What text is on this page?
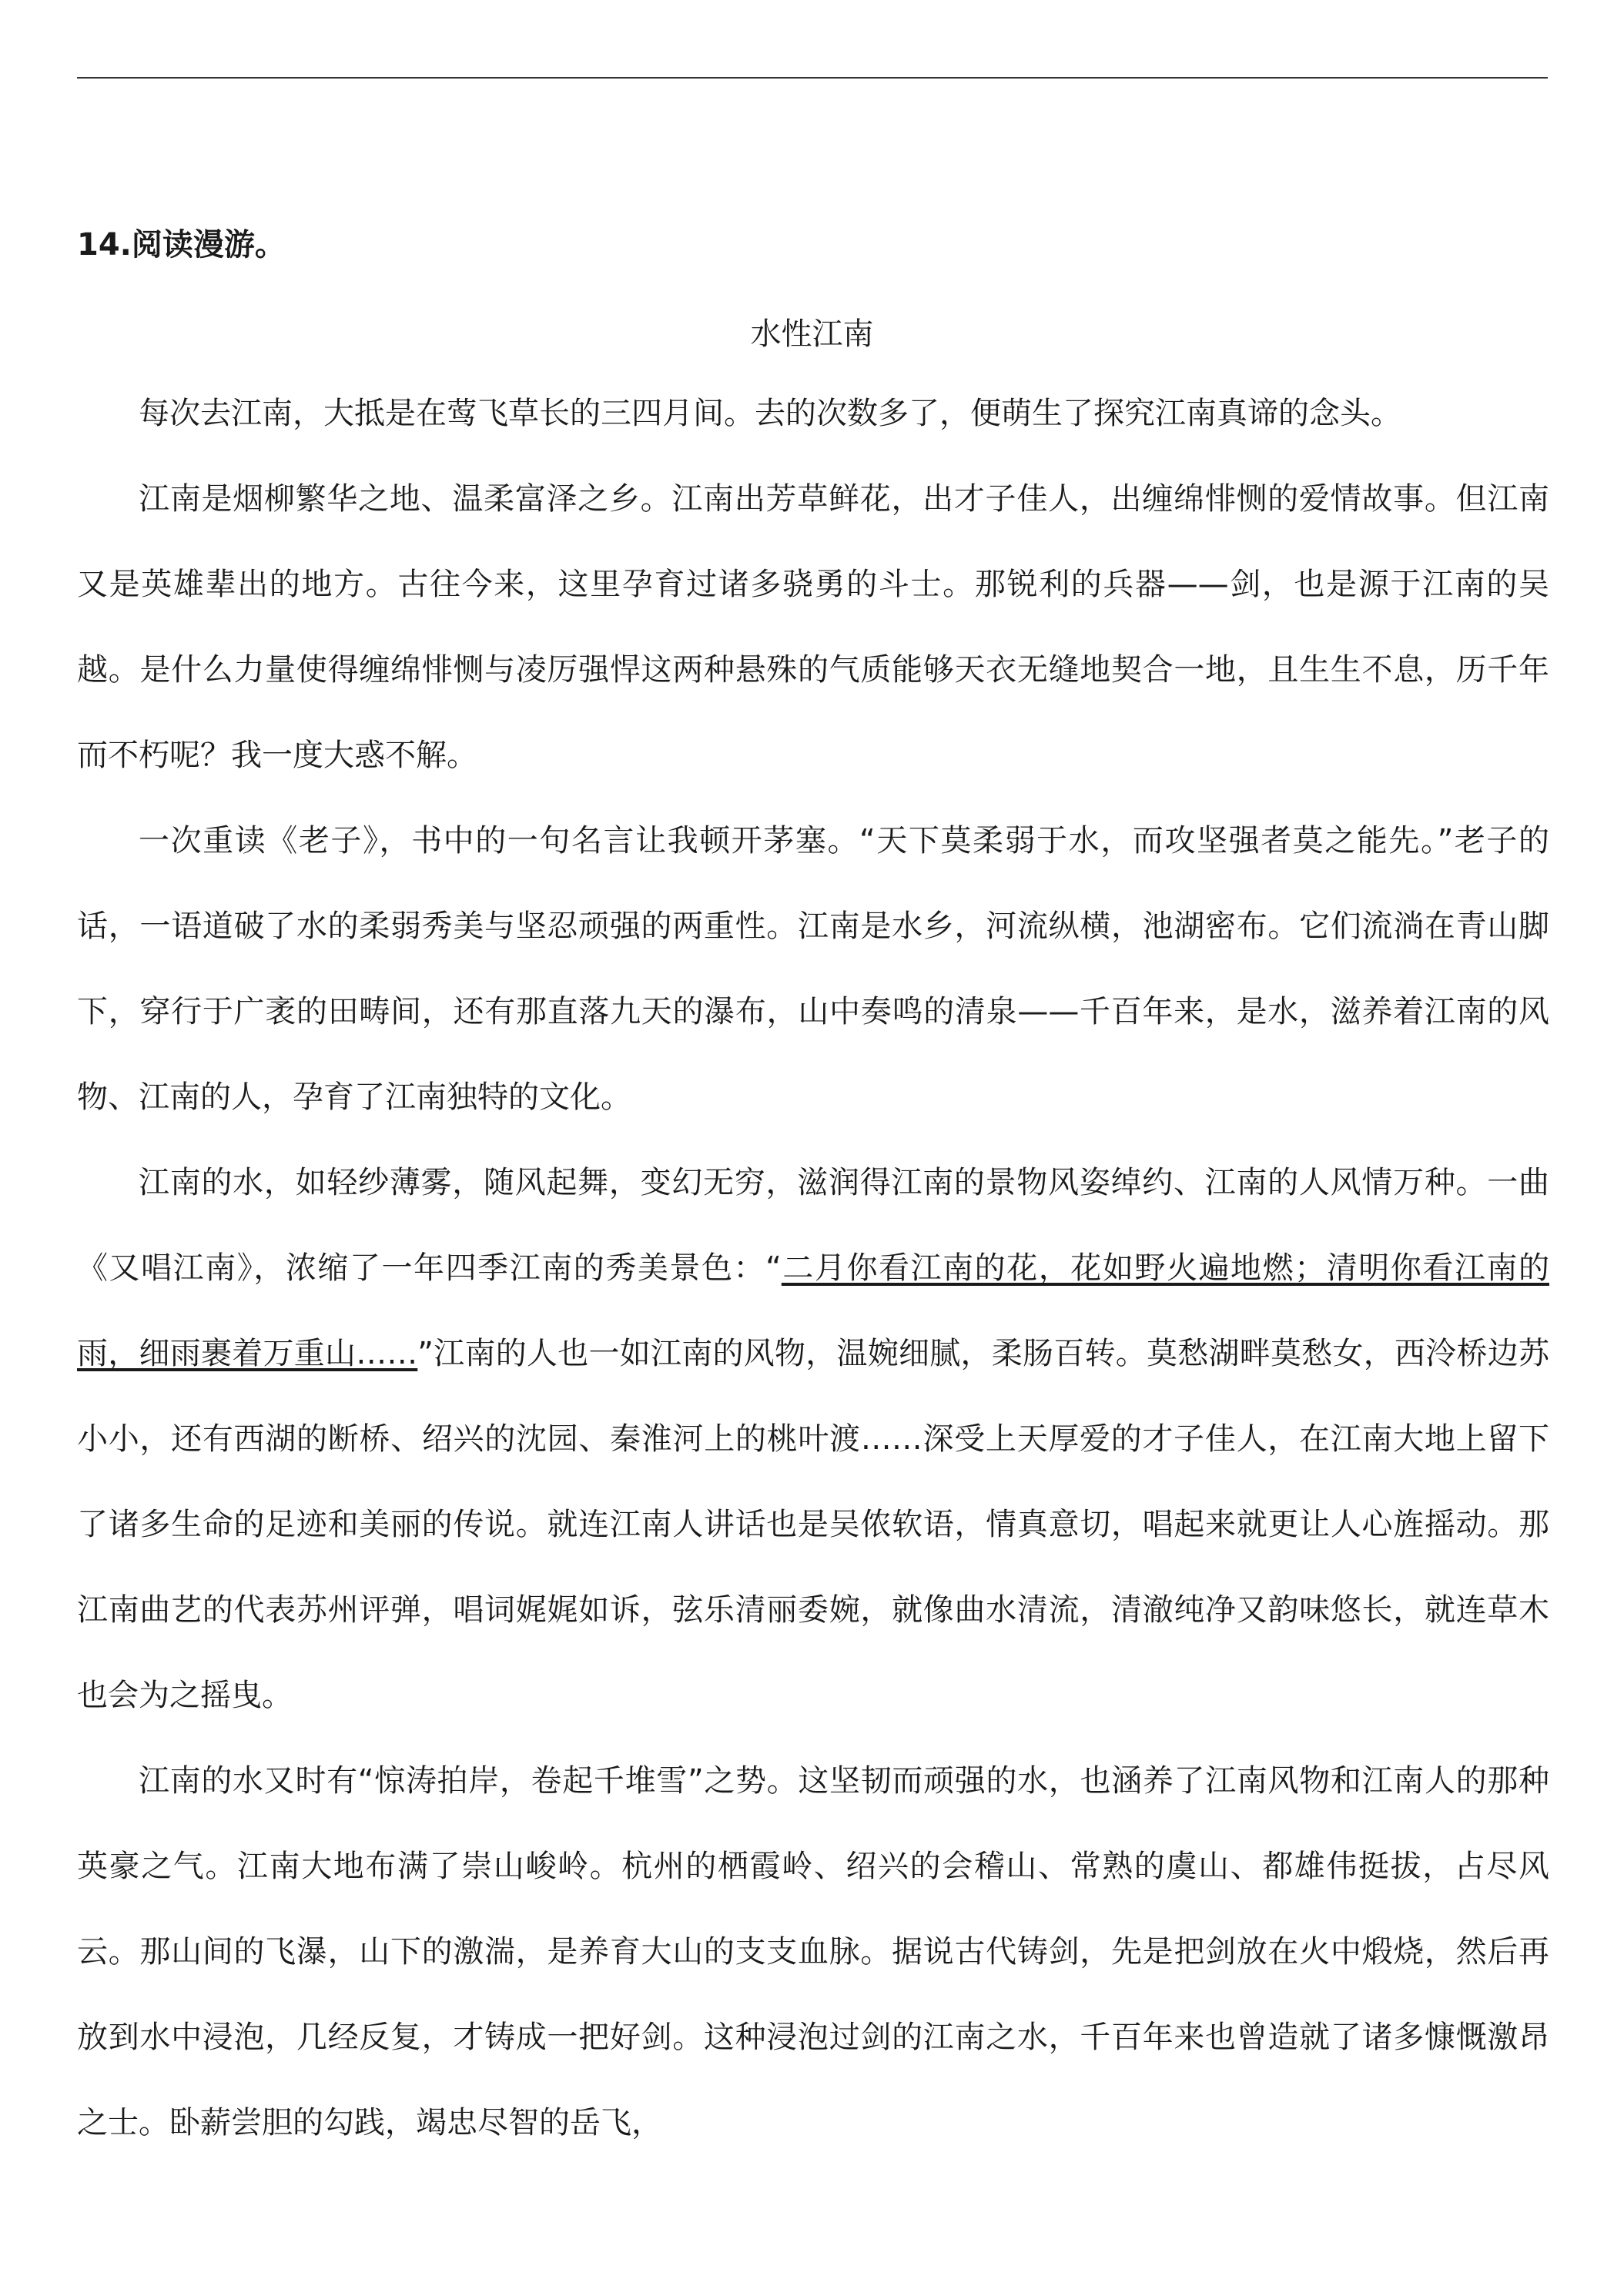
14.阅读漫游。
水性江南

每次去江南，大抵是在莺飞草长的三四月间。去的次数多了，便萌生了探究江南真谛的念头。

江南是烟柳繁华之地、温柔富泽之乡。江南出芳草鲜花，出才子佳人，出缠绵悱恻的爱情故事。但江南又是英雄辈出的地方。古往今来，这里孕育过诸多骁勇的斗士。那锐利的兵器——剑，也是源于江南的吴越。是什么力量使得缠绵悱恻与凌厉强悍这两种悬殊的气质能够天衣无缝地契合一地，且生生不息，历千年而不朽呢？我一度大惑不解。

一次重读《老子》，书中的一句名言让我顿开茅塞。“天下莫柔弱于水，而攻坚强者莫之能先。”老子的话，一语道破了水的柔弱秀美与坚忍顽强的两重性。江南是水乡，河流纵横，池湖密布。它们流淌在青山脚下，穿行于广袤的田畴间，还有那直落九天的瀑布，山中奏鸣的清泉——千百年来，是水，滋养着江南的风物、江南的人，孕育了江南独特的文化。

江南的水，如轻纱薄雾，随风起舞，变幻无穷，滋润得江南的景物风姿绰约、江南的人风情万种。一曲《又唱江南》，浓缩了一年四季江南的秀美景色：“二月你看江南的花，花如野火遍地燃；清明你看江南的雨，细雨裹着万重山……”江南的人也一如江南的风物，温婉细腻，柔肠百转。莫愁湖畔莫愁女，西泠桥边苏小小，还有西湖的断桥、绍兴的沈园、秦淮河上的桃叶渡……深受上天厚爱的才子佳人，在江南大地上留下了诸多生命的足迹和美丽的传说。就连江南人讲话也是吴侬软语，情真意切，唱起来就更让人心旌摇动。那江南曲艺的代表苏州评弹，唱词娓娓如诉，弦乐清丽委婉，就像曲水清流，清澈纯净又韵味悠长，就连草木也会为之摇曳。

江南的水又时有“惊涛拍岸，卷起千堆雪”之势。这坚韧而顽强的水，也涵养了江南风物和江南人的那种英豪之气。江南大地布满了崇山峻岭。杭州的栖霞岭、绍兴的会稽山、常熟的虞山、都雄伟挺拔，占尽风云。那山间的飞瀑，山下的激湍，是养育大山的支支血脉。据说古代铸剑，先是把剑放在火中煅烧，然后再放到水中浸泡，几经反复，才铸成一把好剑。这种浸泡过剑的江南之水，千百年来也曾造就了诸多慷慨激昂之士。卧薪尝胆的勾践，竭忠尽智的岳飞，
